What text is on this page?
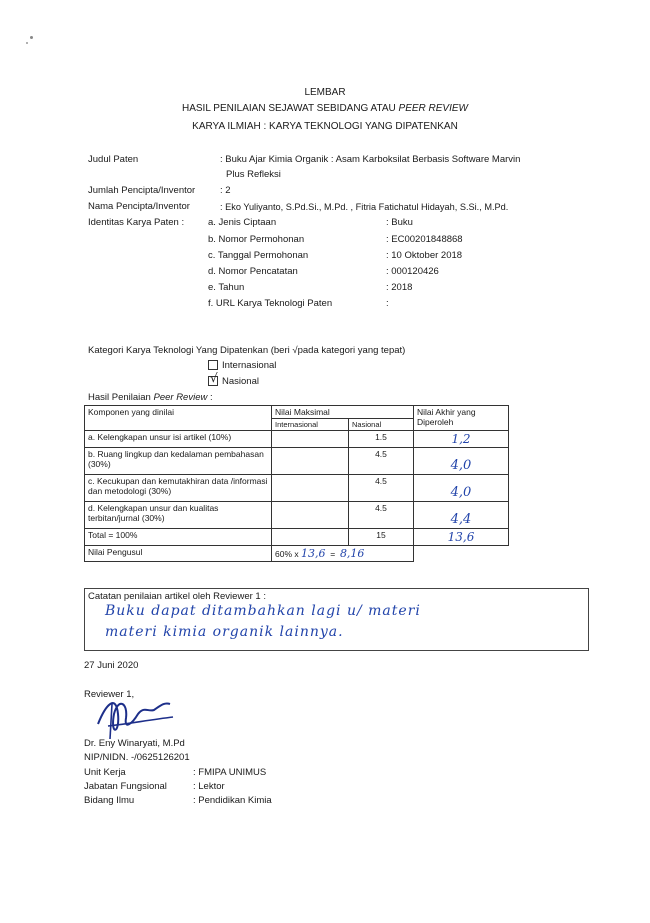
LEMBAR
HASIL PENILAIAN SEJAWAT SEBIDANG ATAU PEER REVIEW
KARYA ILMIAH : KARYA TEKNOLOGI YANG DIPATENKAN
Judul Paten	: Buku Ajar Kimia Organik : Asam Karboksilat Berbasis Software Marvin
Plus Refleksi
Jumlah Pencipta/Inventor	: 2
Nama Pencipta/Inventor	: Eko Yuliyanto, S.Pd.Si., M.Pd. , Fitria Fatichatul Hidayah, S.Si., M.Pd.
Identitas Karya Paten :	a. Jenis Ciptaan	: Buku
b. Nomor Permohonan	: EC00201848868
c. Tanggal Permohonan	: 10 Oktober 2018
d. Nomor Pencatatan	: 000120426
e. Tahun	: 2018
f. URL Karya Teknologi Paten	:
Kategori Karya Teknologi Yang Dipatenkan (beri √pada kategori yang tepat)
Internasional
√ Nasional
Hasil Penilaian Peer Review :
Komponen yang dinilai	Nilai Maksimal		Nilai Akhir yang Diperoleh
	Internasional	Nasional	
a. Kelengkapan unsur isi artikel (10%)		1.5	1,2
b. Ruang lingkup dan kedalaman pembahasan (30%)		4.5	4,0
c. Kecukupan dan kemutakhiran data /informasi dan metodologi (30%)		4.5	4,0
d. Kelengkapan unsur dan kualitas terbitan/jurnal (30%)		4.5	4,4
Total = 100%		15	13,6
Nilai Pengusul	60% x 13,6 = 8,16		
Catatan penilaian artikel oleh Reviewer 1 :
Buku dapat ditambahkan lagi u/ materi
materi kimia organik lainnya.
27 Juni 2020
Reviewer 1,
Dr. Eny Winaryati, M.Pd
NIP/NIDN. -/0625126201
Unit Kerja	: FMIPA UNIMUS
Jabatan Fungsional	: Lektor
Bidang Ilmu	: Pendidikan Kimia
